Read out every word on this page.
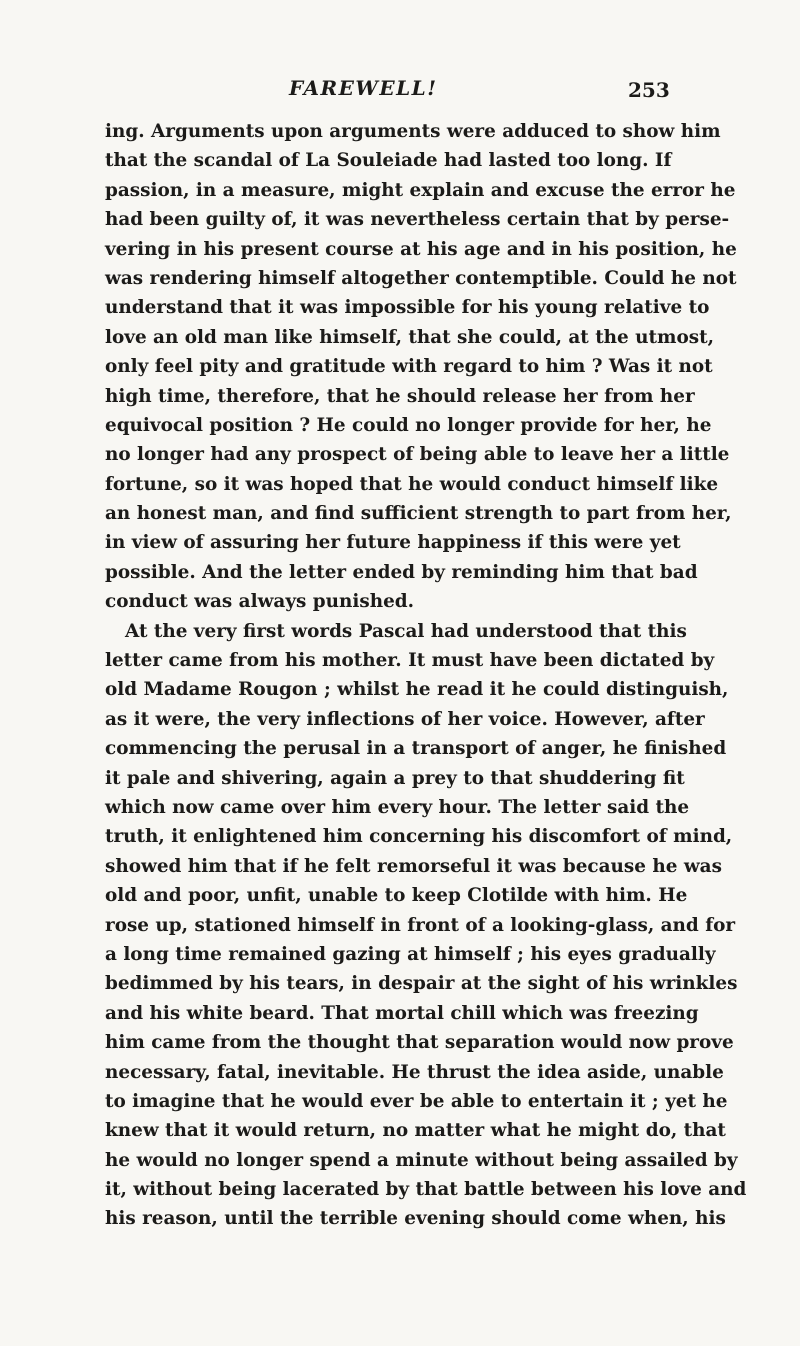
FAREWELL!	253
ing. Arguments upon arguments were adduced to show him
that the scandal of La Souleiade had lasted too long. If
passion, in a measure, might explain and excuse the error he
had been guilty of, it was nevertheless certain that by perse-
vering in his present course at his age and in his position, he
was rendering himself altogether contemptible. Could he not
understand that it was impossible for his young relative to
love an old man like himself, that she could, at the utmost,
only feel pity and gratitude with regard to him ? Was it not
high time, therefore, that he should release her from her
equivocal position ? He could no longer provide for her, he
no longer had any prospect of being able to leave her a little
fortune, so it was hoped that he would conduct himself like
an honest man, and find sufficient strength to part from her,
in view of assuring her future happiness if this were yet
possible. And the letter ended by reminding him that bad
conduct was always punished.
At the very first words Pascal had understood that this
letter came from his mother. It must have been dictated by
old Madame Rougon ; whilst he read it he could distinguish,
as it were, the very inflections of her voice. However, after
commencing the perusal in a transport of anger, he finished
it pale and shivering, again a prey to that shuddering fit
which now came over him every hour. The letter said the
truth, it enlightened him concerning his discomfort of mind,
showed him that if he felt remorseful it was because he was
old and poor, unfit, unable to keep Clotilde with him. He
rose up, stationed himself in front of a looking-glass, and for
a long time remained gazing at himself ; his eyes gradually
bedimmed by his tears, in despair at the sight of his wrinkles
and his white beard. That mortal chill which was freezing
him came from the thought that separation would now prove
necessary, fatal, inevitable. He thrust the idea aside, unable
to imagine that he would ever be able to entertain it ; yet he
knew that it would return, no matter what he might do, that
he would no longer spend a minute without being assailed by
it, without being lacerated by that battle between his love and
his reason, until the terrible evening should come when, his
